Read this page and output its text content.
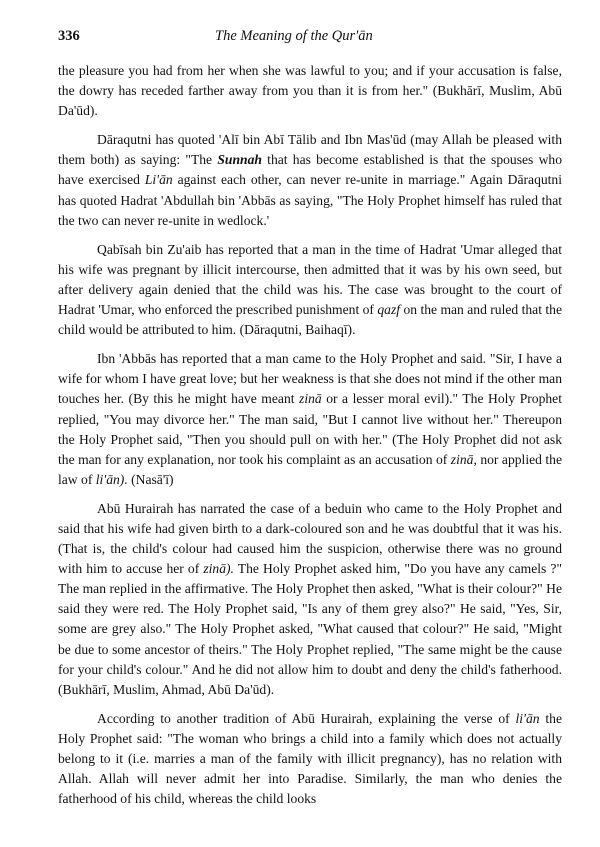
336	The Meaning of the Qur'ān

the pleasure you had from her when she was lawful to you; and if your accusation is false, the dowry has receded farther away from you than it is from her." (Bukhārī, Muslim, Abū Da'ūd).

Dāraqutni has quoted 'Alī bin Abī Tālib and Ibn Mas'ūd (may Allah be pleased with them both) as saying: "The Sunnah that has become established is that the spouses who have exercised Li'ān against each other, can never re-unite in marriage." Again Dāraqutni has quoted Hadrat 'Abdullah bin 'Abbās as saying, "The Holy Prophet himself has ruled that the two can never re-unite in wedlock.'

Qabīsah bin Zu'aib has reported that a man in the time of Hadrat 'Umar alleged that his wife was pregnant by illicit intercourse, then admitted that it was by his own seed, but after delivery again denied that the child was his. The case was brought to the court of Hadrat 'Umar, who enforced the prescribed punishment of qazf on the man and ruled that the child would be attributed to him. (Dāraqutni, Baihaqī).

Ibn 'Abbās has reported that a man came to the Holy Prophet and said. "Sir, I have a wife for whom I have great love; but her weakness is that she does not mind if the other man touches her. (By this he might have meant zinā or a lesser moral evil)." The Holy Prophet replied, "You may divorce her." The man said, "But I cannot live without her." Thereupon the Holy Prophet said, "Then you should pull on with her." (The Holy Prophet did not ask the man for any explanation, nor took his complaint as an accusation of zinā, nor applied the law of li'ān). (Nasā'ī)

Abū Hurairah has narrated the case of a beduin who came to the Holy Prophet and said that his wife had given birth to a dark-coloured son and he was doubtful that it was his. (That is, the child's colour had caused him the suspicion, otherwise there was no ground with him to accuse her of zinā). The Holy Prophet asked him, "Do you have any camels ?" The man replied in the affirmative. The Holy Prophet then asked, "What is their colour?" He said they were red. The Holy Prophet said, "Is any of them grey also?" He said, "Yes, Sir, some are grey also." The Holy Prophet asked, "What caused that colour?" He said, "Might be due to some ancestor of theirs." The Holy Prophet replied, "The same might be the cause for your child's colour." And he did not allow him to doubt and deny the child's fatherhood. (Bukhārī, Muslim, Ahmad, Abū Da'ūd).

According to another tradition of Abū Hurairah, explaining the verse of li'ān the Holy Prophet said: "The woman who brings a child into a family which does not actually belong to it (i.e. marries a man of the family with illicit pregnancy), has no relation with Allah. Allah will never admit her into Paradise. Similarly, the man who denies the fatherhood of his child, whereas the child looks
